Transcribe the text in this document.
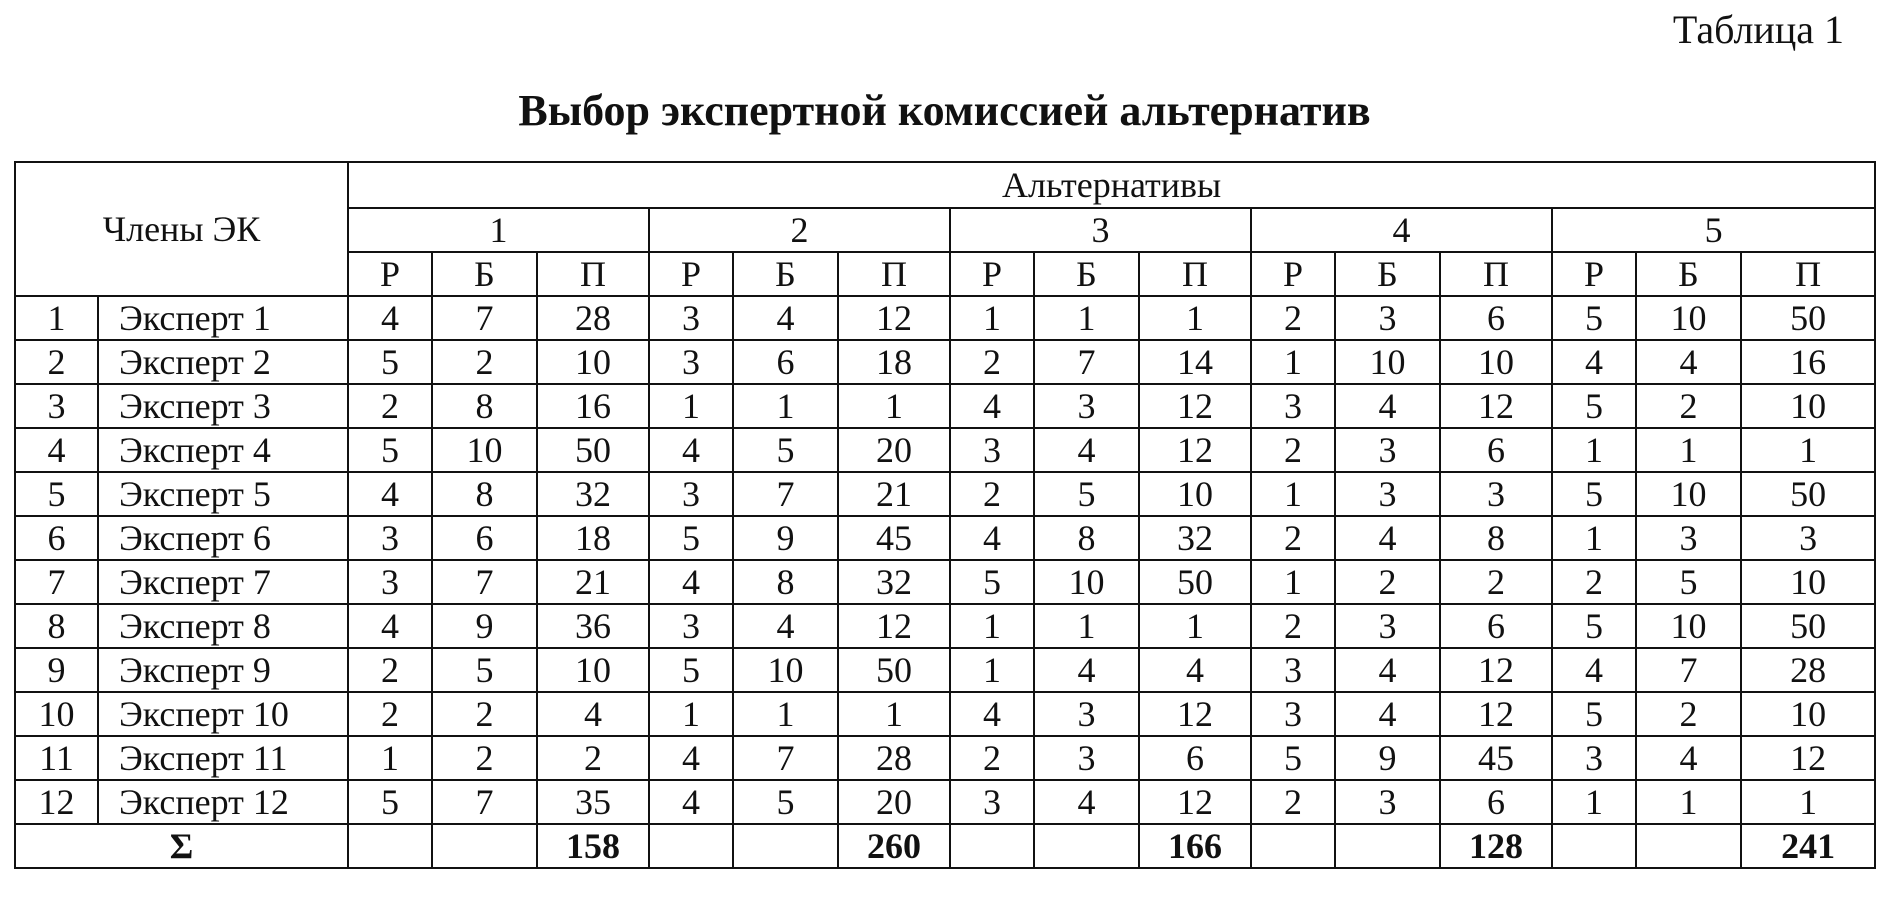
Таблица 1
Выбор экспертной комиссией альтернатив
Члены ЭК		Альтернативы														
		1			2			3			4			5		
		Р	Б	П	Р	Б	П	Р	Б	П	Р	Б	П	Р	Б	П
1	Эксперт 1	4	7	28	3	4	12	1	1	1	2	3	6	5	10	50
2	Эксперт 2	5	2	10	3	6	18	2	7	14	1	10	10	4	4	16
3	Эксперт 3	2	8	16	1	1	1	4	3	12	3	4	12	5	2	10
4	Эксперт 4	5	10	50	4	5	20	3	4	12	2	3	6	1	1	1
5	Эксперт 5	4	8	32	3	7	21	2	5	10	1	3	3	5	10	50
6	Эксперт 6	3	6	18	5	9	45	4	8	32	2	4	8	1	3	3
7	Эксперт 7	3	7	21	4	8	32	5	10	50	1	2	2	2	5	10
8	Эксперт 8	4	9	36	3	4	12	1	1	1	2	3	6	5	10	50
9	Эксперт 9	2	5	10	5	10	50	1	4	4	3	4	12	4	7	28
10	Эксперт 10	2	2	4	1	1	1	4	3	12	3	4	12	5	2	10
11	Эксперт 11	1	2	2	4	7	28	2	3	6	5	9	45	3	4	12
12	Эксперт 12	5	7	35	4	5	20	3	4	12	2	3	6	1	1	1
Σ				158			260			166			128			241
